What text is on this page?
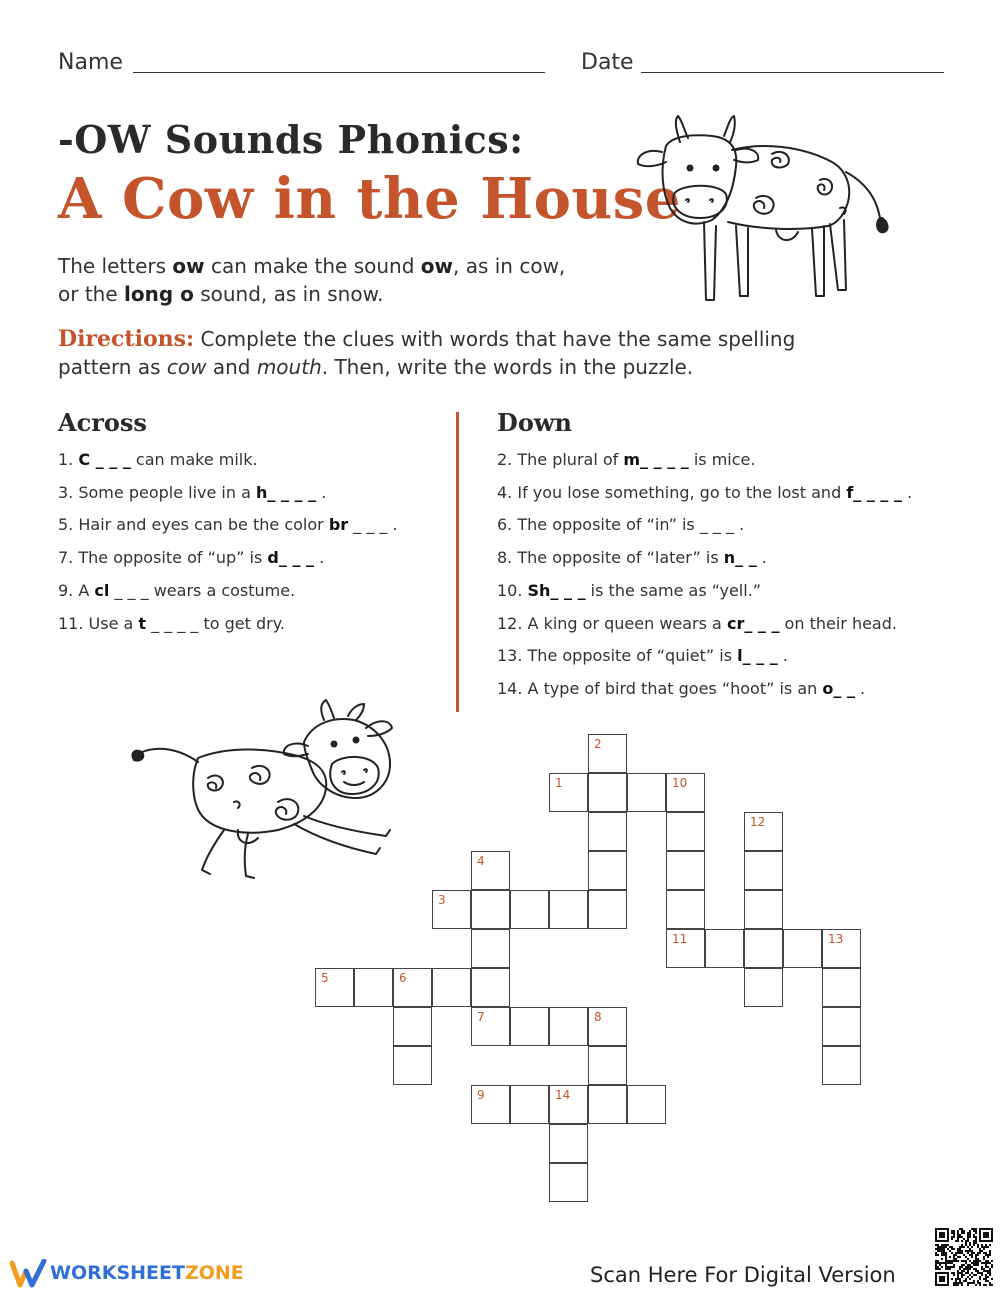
Name	Date
-OW Sounds Phonics:
A Cow in the House
The letters ow can make the sound ow, as in cow,
or the long o sound, as in snow.
Directions: Complete the clues with words that have the same spelling
pattern as cow and mouth. Then, write the words in the puzzle.
Across
1. C _ _ _ can make milk.
3. Some people live in a h_ _ _ _ .
5. Hair and eyes can be the color br _ _ _ .
7. The opposite of “up” is d_ _ _ .
9. A cl _ _ _ wears a costume.
11. Use a t _ _ _ _ to get dry.
Down
2. The plural of m_ _ _ _ is mice.
4. If you lose something, go to the lost and f_ _ _ _ .
6. The opposite of “in” is _ _ _ .
8. The opposite of “later” is n_ _ .
10. Sh_ _ _ is the same as “yell.”
12. A king or queen wears a cr_ _ _ on their head.
13. The opposite of “quiet” is l_ _ _ .
14. A type of bird that goes “hoot” is an o_ _ .
2
1	10
12
4
3
11	13
5	6
7	8
9	14
WORKSHEETZONE	Scan Here For Digital Version
